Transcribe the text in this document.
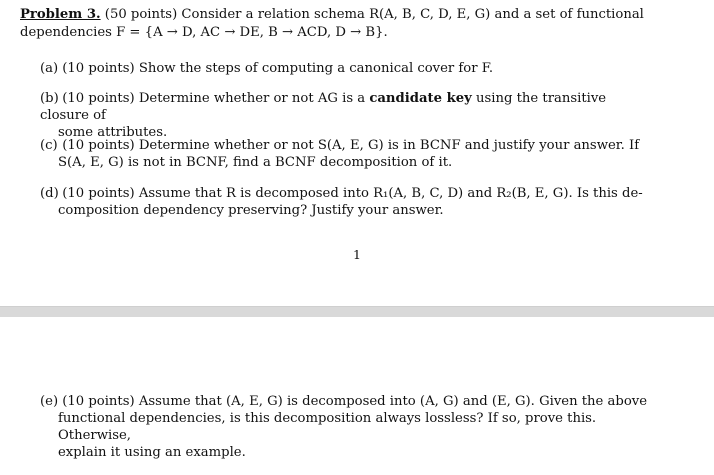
Problem 3. (50 points) Consider a relation schema R(A, B, C, D, E, G) and a set of functional
dependencies F = {A → D, AC → DE, B → ACD, D → B}.
(a) (10 points) Show the steps of computing a canonical cover for F.
(b) (10 points) Determine whether or not AG is a candidate key using the transitive closure of
some attributes.
(c) (10 points) Determine whether or not S(A, E, G) is in BCNF and justify your answer. If
S(A, E, G) is not in BCNF, find a BCNF decomposition of it.
(d) (10 points) Assume that R is decomposed into R₁(A, B, C, D) and R₂(B, E, G). Is this de-
composition dependency preserving? Justify your answer.
1
(e) (10 points) Assume that (A, E, G) is decomposed into (A, G) and (E, G). Given the above
functional dependencies, is this decomposition always lossless? If so, prove this. Otherwise,
explain it using an example.
